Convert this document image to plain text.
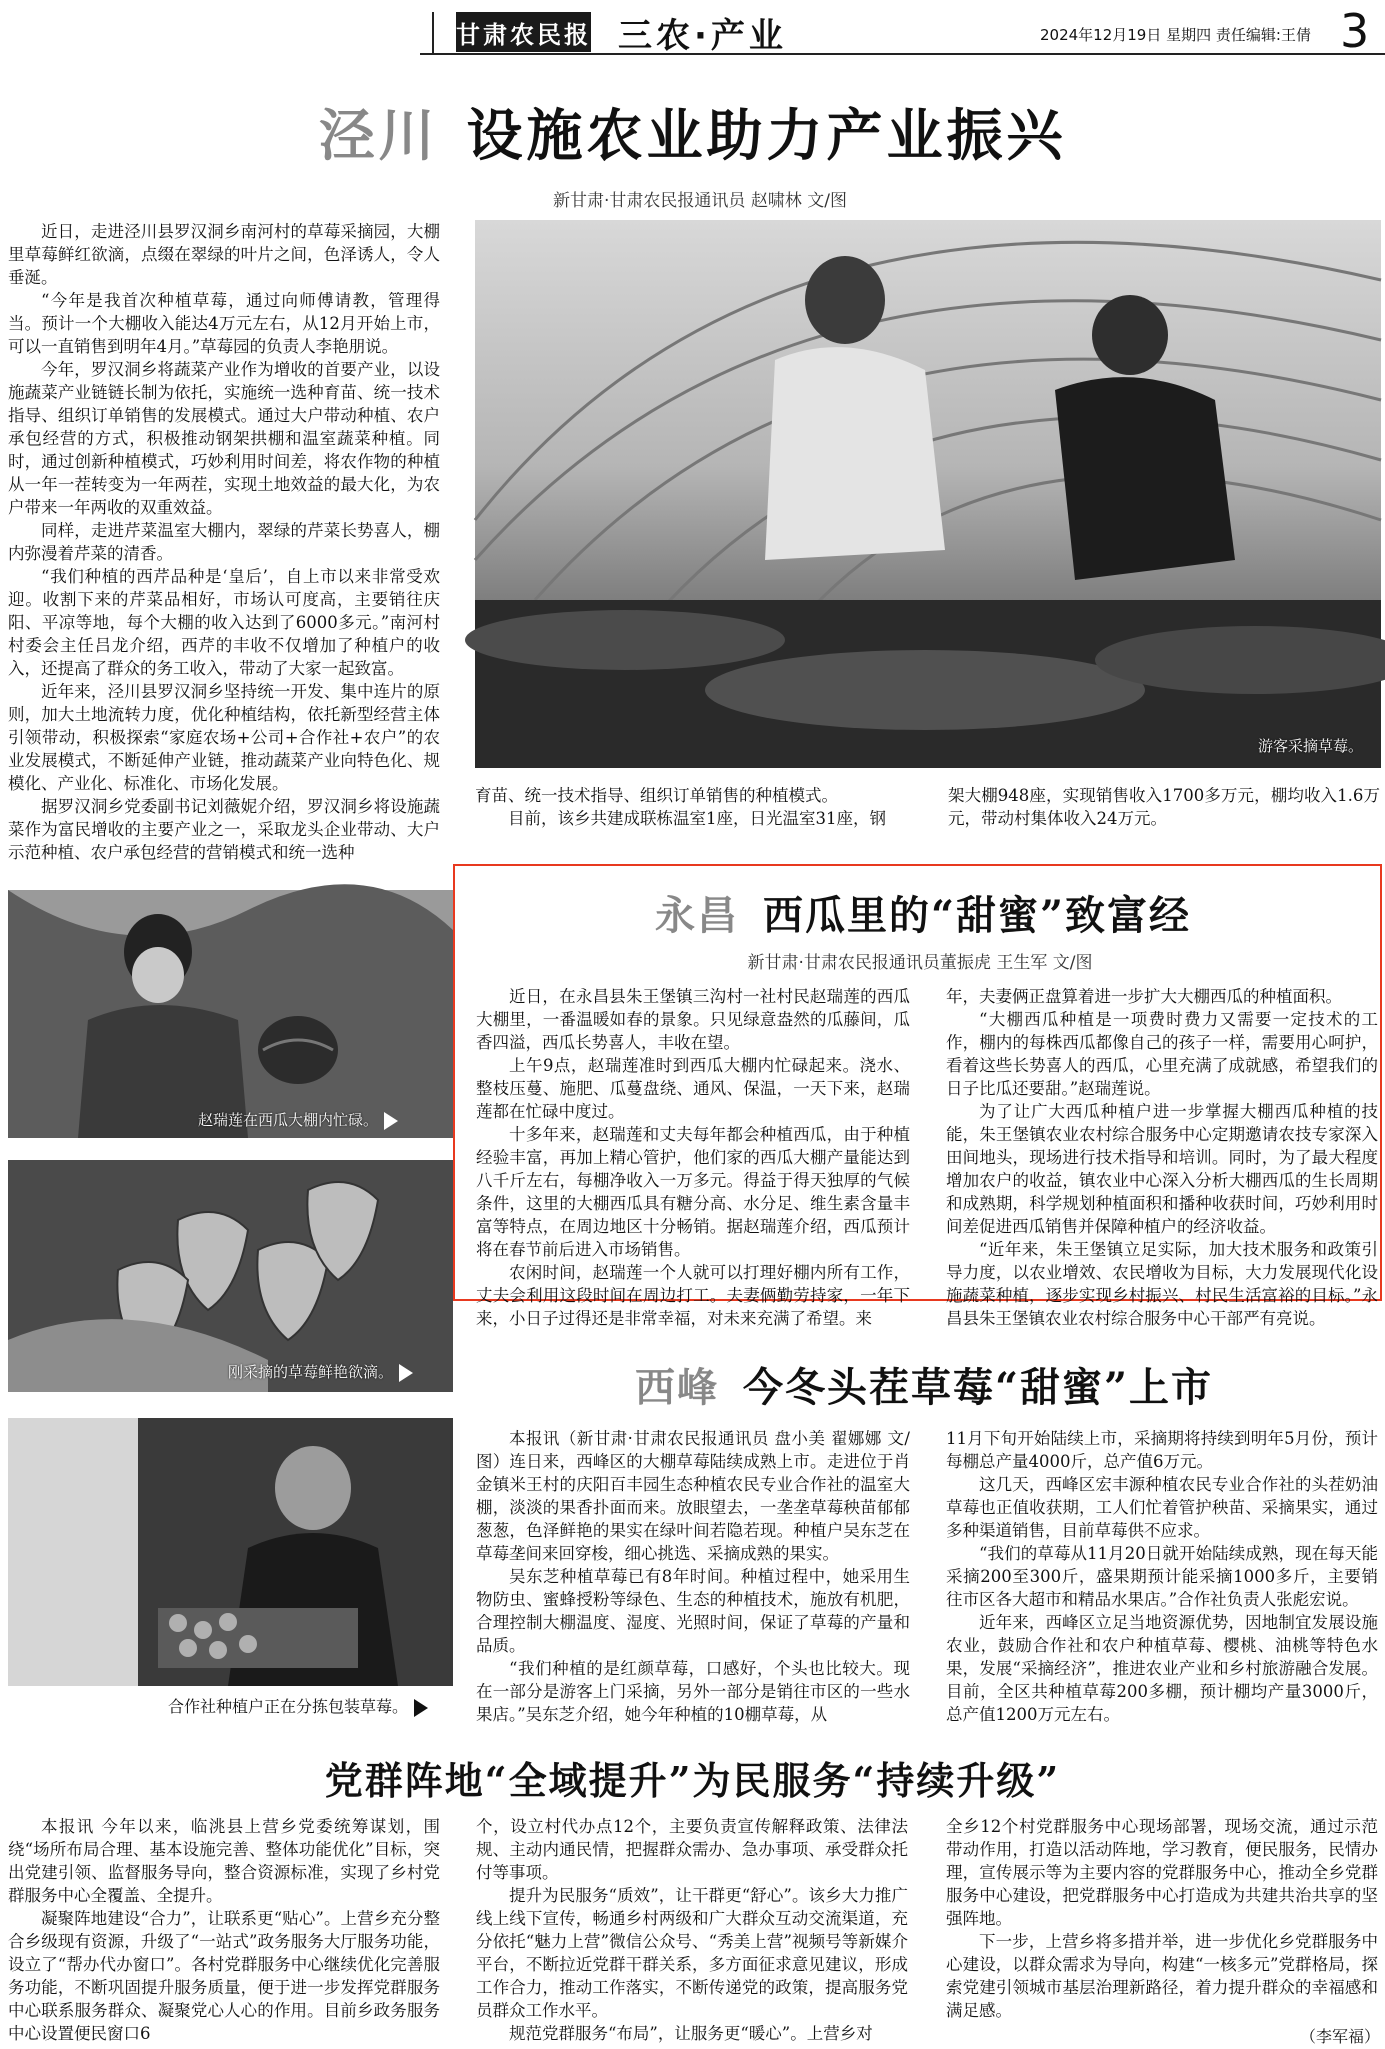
甘肃农民报 三农·产业	2024年12月19日 星期四 责任编辑:王倩 3
泾川 设施农业助力产业振兴
新甘肃·甘肃农民报通讯员 赵啸林 文/图

近日，走进泾川县罗汉洞乡南河村的草莓采摘园，大棚里草莓鲜红欲滴，点缀在翠绿的叶片之间，色泽诱人，令人垂涎。

“今年是我首次种植草莓，通过向师傅请教，管理得当。预计一个大棚收入能达4万元左右，从12月开始上市，可以一直销售到明年4月。”草莓园的负责人李艳朋说。

今年，罗汉洞乡将蔬菜产业作为增收的首要产业，以设施蔬菜产业链链长制为依托，实施统一选种育苗、统一技术指导、组织订单销售的发展模式。通过大户带动种植、农户承包经营的方式，积极推动钢架拱棚和温室蔬菜种植。同时，通过创新种植模式，巧妙利用时间差，将农作物的种植从一年一茬转变为一年两茬，实现土地效益的最大化，为农户带来一年两收的双重效益。

同样，走进芹菜温室大棚内，翠绿的芹菜长势喜人，棚内弥漫着芹菜的清香。

“我们种植的西芹品种是‘皇后’，自上市以来非常受欢迎。收割下来的芹菜品相好，市场认可度高，主要销往庆阳、平凉等地，每个大棚的收入达到了6000多元。”南河村村委会主任吕龙介绍，西芹的丰收不仅增加了种植户的收入，还提高了群众的务工收入，带动了大家一起致富。

近年来，泾川县罗汉洞乡坚持统一开发、集中连片的原则，加大土地流转力度，优化种植结构，依托新型经营主体引领带动，积极探索“家庭农场+公司+合作社+农户”的农业发展模式，不断延伸产业链，推动蔬菜产业向特色化、规模化、产业化、标准化、市场化发展。

据罗汉洞乡党委副书记刘薇妮介绍，罗汉洞乡将设施蔬菜作为富民增收的主要产业之一，采取龙头企业带动、大户示范种植、农户承包经营的营销模式和统一选种

游客采摘草莓。

育苗、统一技术指导、组织订单销售的种植模式。

目前，该乡共建成联栋温室1座，日光温室31座，钢

架大棚948座，实现销售收入1700多万元，棚均收入1.6万元，带动村集体收入24万元。

赵瑞莲在西瓜大棚内忙碌。
刚采摘的草莓鲜艳欲滴。
合作社种植户正在分拣包装草莓。
永昌 西瓜里的“甜蜜”致富经
新甘肃·甘肃农民报通讯员董振虎 王生军 文/图

近日，在永昌县朱王堡镇三沟村一社村民赵瑞莲的西瓜大棚里，一番温暖如春的景象。只见绿意盎然的瓜藤间，瓜香四溢，西瓜长势喜人，丰收在望。

上午9点，赵瑞莲准时到西瓜大棚内忙碌起来。浇水、整枝压蔓、施肥、瓜蔓盘绕、通风、保温，一天下来，赵瑞莲都在忙碌中度过。

十多年来，赵瑞莲和丈夫每年都会种植西瓜，由于种植经验丰富，再加上精心管护，他们家的西瓜大棚产量能达到八千斤左右，每棚净收入一万多元。得益于得天独厚的气候条件，这里的大棚西瓜具有糖分高、水分足、维生素含量丰富等特点，在周边地区十分畅销。据赵瑞莲介绍，西瓜预计将在春节前后进入市场销售。

农闲时间，赵瑞莲一个人就可以打理好棚内所有工作，丈夫会利用这段时间在周边打工。夫妻俩勤劳持家，一年下来，小日子过得还是非常幸福，对未来充满了希望。来

年，夫妻俩正盘算着进一步扩大大棚西瓜的种植面积。

“大棚西瓜种植是一项费时费力又需要一定技术的工作，棚内的每株西瓜都像自己的孩子一样，需要用心呵护，看着这些长势喜人的西瓜，心里充满了成就感，希望我们的日子比瓜还要甜。”赵瑞莲说。

为了让广大西瓜种植户进一步掌握大棚西瓜种植的技能，朱王堡镇农业农村综合服务中心定期邀请农技专家深入田间地头，现场进行技术指导和培训。同时，为了最大程度增加农户的收益，镇农业中心深入分析大棚西瓜的生长周期和成熟期，科学规划种植面积和播种收获时间，巧妙利用时间差促进西瓜销售并保障种植户的经济收益。

“近年来，朱王堡镇立足实际，加大技术服务和政策引导力度，以农业增效、农民增收为目标，大力发展现代化设施蔬菜种植，逐步实现乡村振兴、村民生活富裕的目标。”永昌县朱王堡镇农业农村综合服务中心干部严有亮说。

西峰 今冬头茬草莓“甜蜜”上市

本报讯（新甘肃·甘肃农民报通讯员 盘小美 翟娜娜 文/图）连日来，西峰区的大棚草莓陆续成熟上市。走进位于肖金镇米王村的庆阳百丰园生态种植农民专业合作社的温室大棚，淡淡的果香扑面而来。放眼望去，一垄垄草莓秧苗郁郁葱葱，色泽鲜艳的果实在绿叶间若隐若现。种植户吴东芝在草莓垄间来回穿梭，细心挑选、采摘成熟的果实。

吴东芝种植草莓已有8年时间。种植过程中，她采用生物防虫、蜜蜂授粉等绿色、生态的种植技术，施放有机肥，合理控制大棚温度、湿度、光照时间，保证了草莓的产量和品质。

“我们种植的是红颜草莓，口感好，个头也比较大。现在一部分是游客上门采摘，另外一部分是销往市区的一些水果店。”吴东芝介绍，她今年种植的10棚草莓，从

11月下旬开始陆续上市，采摘期将持续到明年5月份，预计每棚总产量4000斤，总产值6万元。

这几天，西峰区宏丰源种植农民专业合作社的头茬奶油草莓也正值收获期，工人们忙着管护秧苗、采摘果实，通过多种渠道销售，目前草莓供不应求。

“我们的草莓从11月20日就开始陆续成熟，现在每天能采摘200至300斤，盛果期预计能采摘1000多斤，主要销往市区各大超市和精品水果店。”合作社负责人张彪宏说。

近年来，西峰区立足当地资源优势，因地制宜发展设施农业，鼓励合作社和农户种植草莓、樱桃、油桃等特色水果，发展“采摘经济”，推进农业产业和乡村旅游融合发展。目前，全区共种植草莓200多棚，预计棚均产量3000斤，总产值1200万元左右。

党群阵地“全域提升”为民服务“持续升级”

本报讯 今年以来，临洮县上营乡党委统筹谋划，围绕“场所布局合理、基本设施完善、整体功能优化”目标，突出党建引领、监督服务导向，整合资源标准，实现了乡村党群服务中心全覆盖、全提升。

凝聚阵地建设“合力”，让联系更“贴心”。上营乡充分整合乡级现有资源，升级了“一站式”政务服务大厅服务功能，设立了“帮办代办窗口”。各村党群服务中心继续优化完善服务功能，不断巩固提升服务质量，便于进一步发挥党群服务中心联系服务群众、凝聚党心人心的作用。目前乡政务服务中心设置便民窗口6

个，设立村代办点12个，主要负责宣传解释政策、法律法规、主动内通民情，把握群众需办、急办事项、承受群众托付等事项。

提升为民服务“质效”，让干群更“舒心”。该乡大力推广线上线下宣传，畅通乡村两级和广大群众互动交流渠道，充分依托“魅力上营”微信公众号、“秀美上营”视频号等新媒介平台，不断拉近党群干群关系，多方面征求意见建议，形成工作合力，推动工作落实，不断传递党的政策，提高服务党员群众工作水平。

规范党群服务“布局”，让服务更“暖心”。上营乡对

全乡12个村党群服务中心现场部署，现场交流，通过示范带动作用，打造以活动阵地，学习教育，便民服务，民情办理，宣传展示等为主要内容的党群服务中心，推动全乡党群服务中心建设，把党群服务中心打造成为共建共治共享的坚强阵地。

下一步，上营乡将多措并举，进一步优化乡党群服务中心建设，以群众需求为导向，构建“一核多元”党群格局，探索党建引领城市基层治理新路径，着力提升群众的幸福感和满足感。

（李军福）
